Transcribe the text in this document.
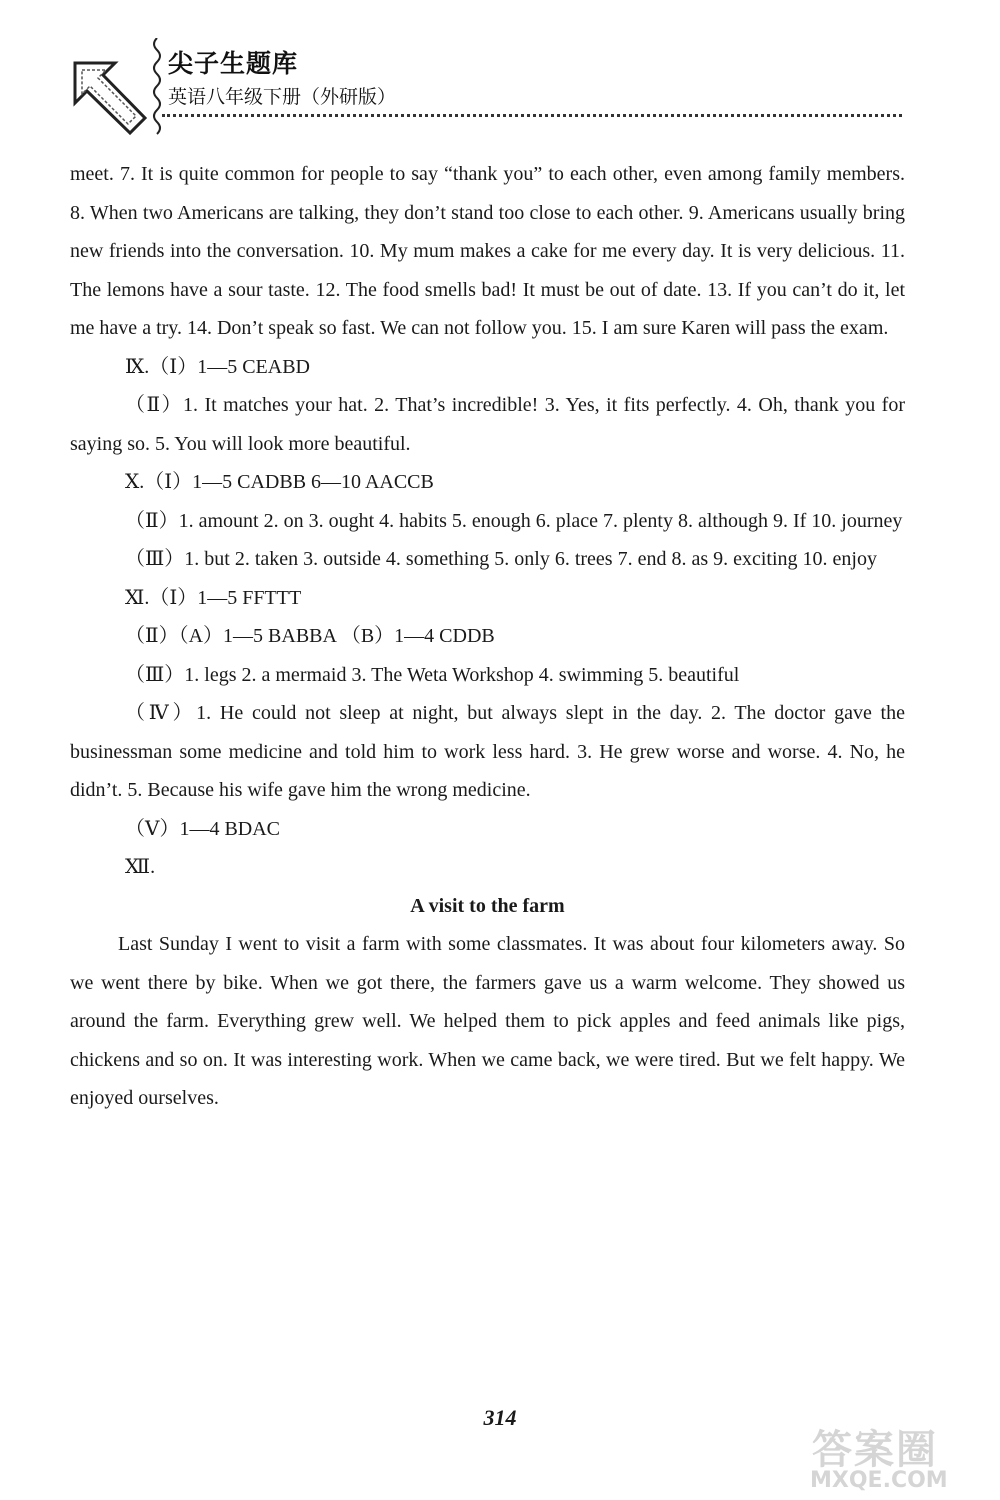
尖子生题库
英语八年级下册（外研版）

meet. 7. It is quite common for people to say “thank you” to each other, even among family members. 8. When two Americans are talking, they don’t stand too close to each other. 9. Americans usually bring new friends into the conversation. 10. My mum makes a cake for me every day. It is very delicious. 11. The lemons have a sour taste. 12. The food smells bad! It must be out of date. 13. If you can’t do it, let me have a try. 14. Don’t speak so fast. We can not follow you. 15. I am sure Karen will pass the exam.

Ⅸ.（Ⅰ）1—5 CEABD

（Ⅱ）1. It matches your hat. 2. That’s incredible! 3. Yes, it fits perfectly. 4. Oh, thank you for saying so. 5. You will look more beautiful.

Ⅹ.（Ⅰ）1—5 CADBB 6—10 AACCB

（Ⅱ）1. amount 2. on 3. ought 4. habits 5. enough 6. place 7. plenty 8. although 9. If 10. journey

（Ⅲ）1. but 2. taken 3. outside 4. something 5. only 6. trees 7. end 8. as 9. exciting 10. enjoy

Ⅺ.（Ⅰ）1—5 FFTTT

（Ⅱ）（A）1—5 BABBA （B）1—4 CDDB

（Ⅲ）1. legs 2. a mermaid 3. The Weta Workshop 4. swimming 5. beautiful

（Ⅳ）1. He could not sleep at night, but always slept in the day. 2. The doctor gave the businessman some medicine and told him to work less hard. 3. He grew worse and worse. 4. No, he didn’t. 5. Because his wife gave him the wrong medicine.

（Ⅴ）1—4 BDAC

Ⅻ.

A visit to the farm

Last Sunday I went to visit a farm with some classmates. It was about four kilometers away. So we went there by bike. When we got there, the farmers gave us a warm welcome. They showed us around the farm. Everything grew well. We helped them to pick apples and feed animals like pigs, chickens and so on. It was interesting work. When we came back, we were tired. But we felt happy. We enjoyed ourselves.

314
答案圈
MXQE.COM
